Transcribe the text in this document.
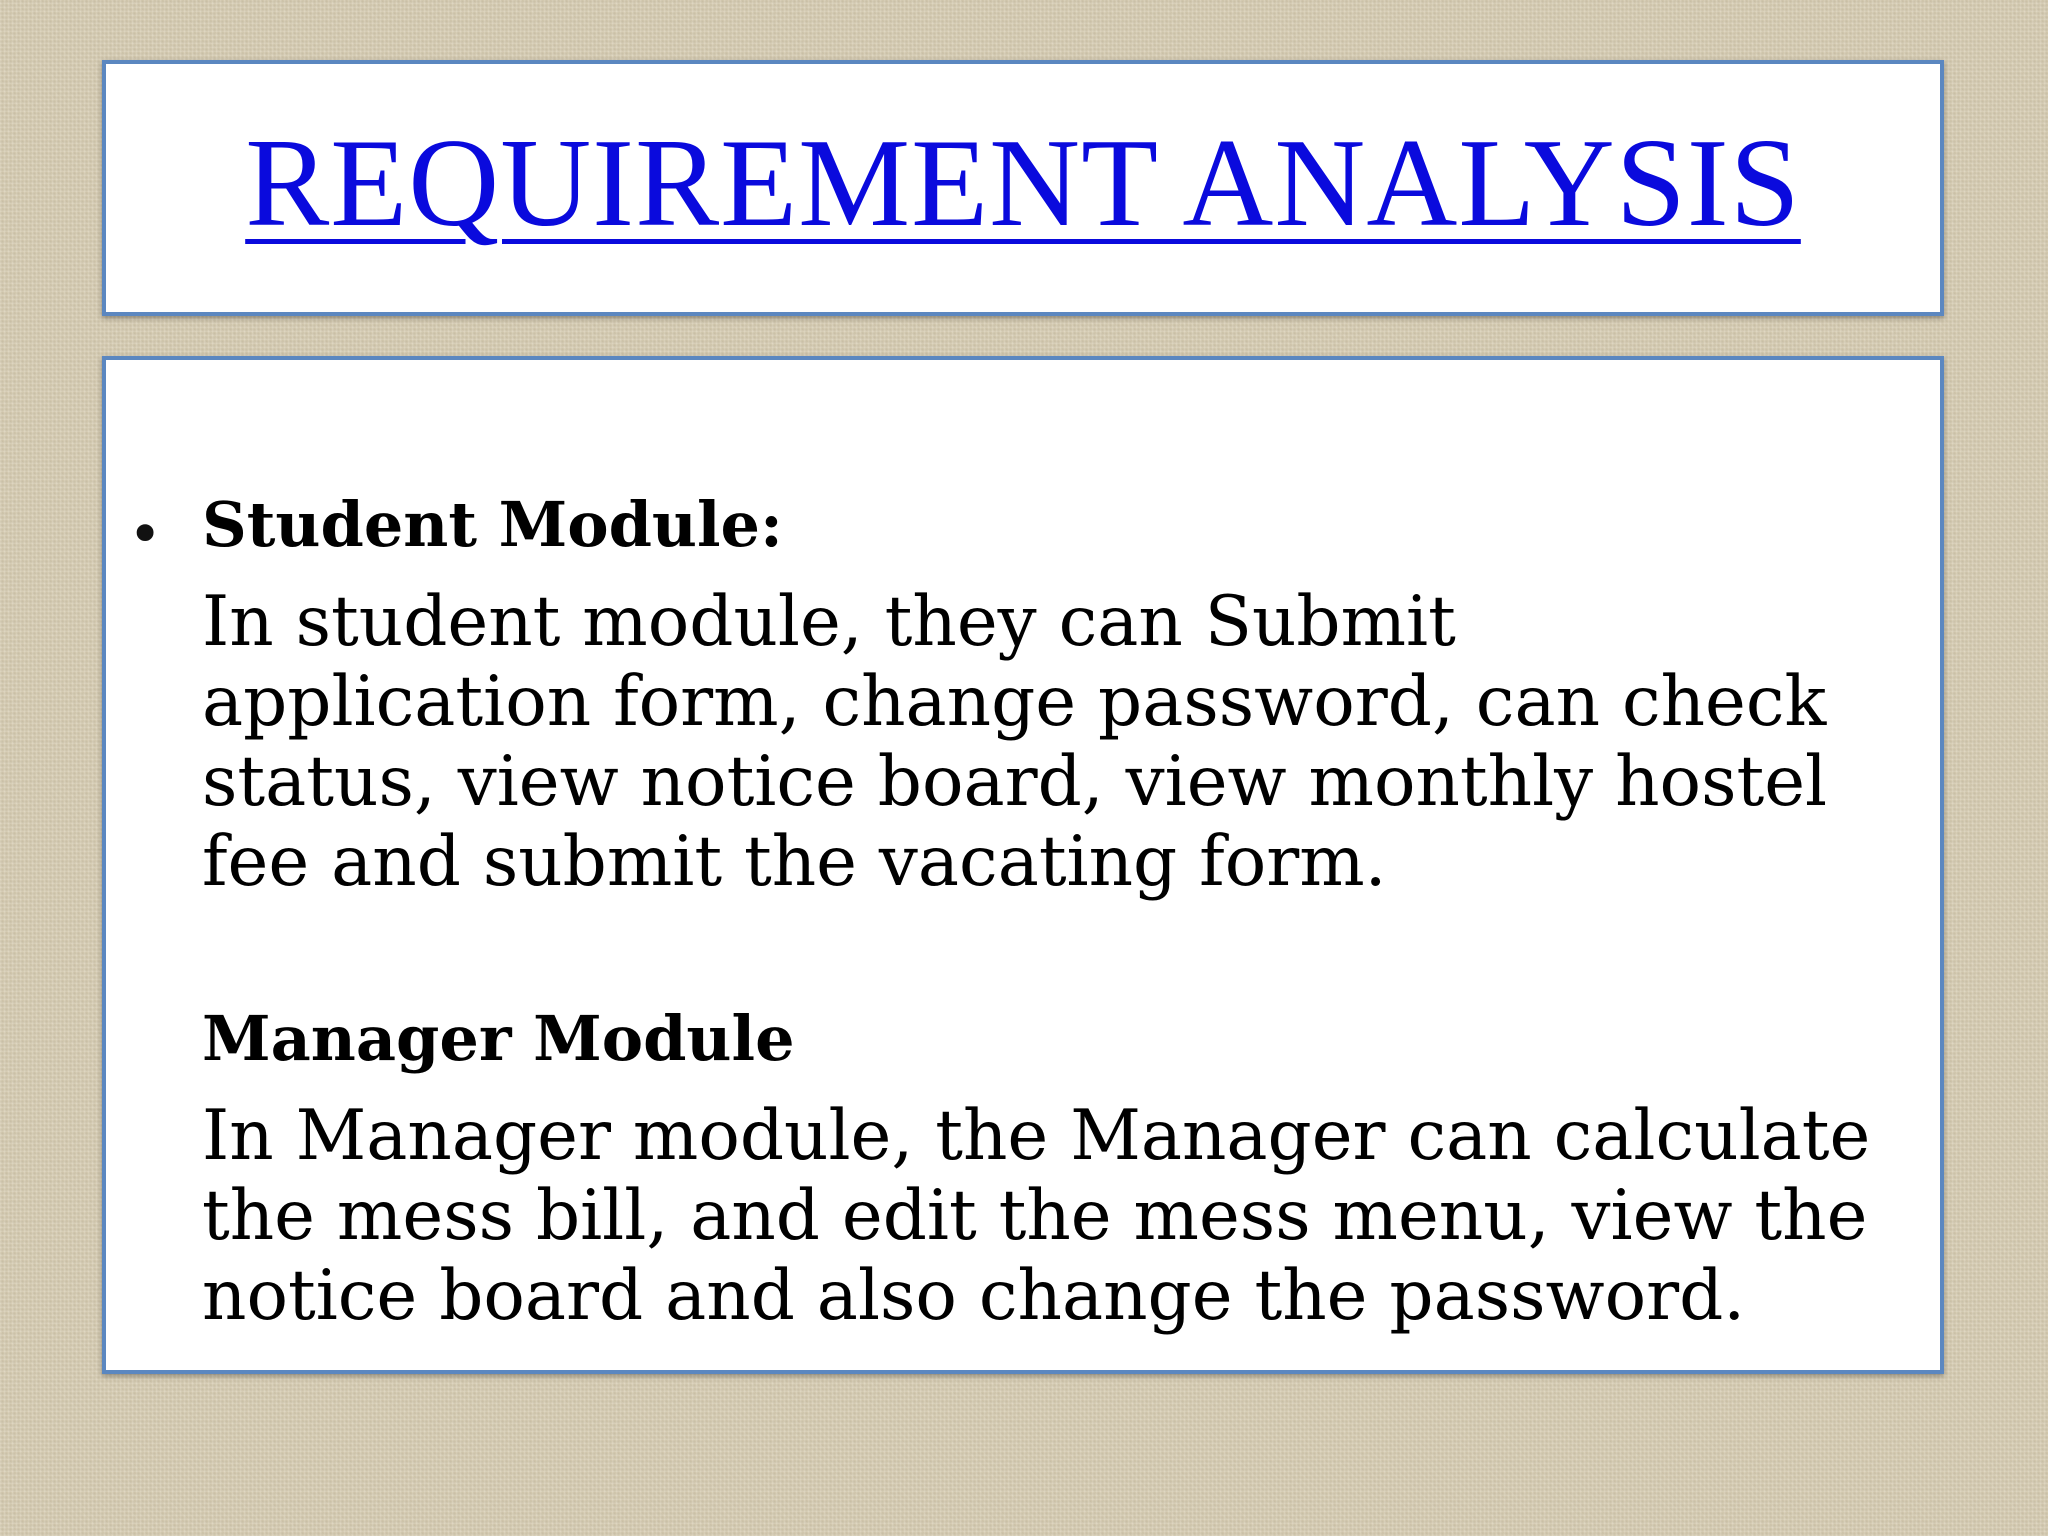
REQUIREMENT ANALYSIS
• Student Module:
In student module, they can Submit
application form, change password, can check
status, view notice board, view monthly hostel
fee and submit the vacating form.
Manager Module
In Manager module, the Manager can calculate
the mess bill, and edit the mess menu, view the
notice board and also change the password.
